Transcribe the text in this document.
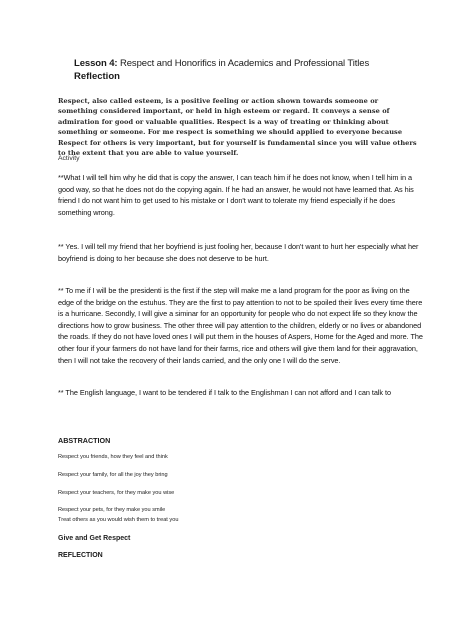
Lesson 4: Respect and Honorifics in Academics and Professional Titles
Reflection
Respect, also called esteem, is a positive feeling or action shown towards someone or something considered important, or held in high esteem or regard. It conveys a sense of admiration for good or valuable qualities. Respect is a way of treating or thinking about something or someone. For me respect is something we should applied to everyone because Respect for others is very important, but for yourself is fundamental since you will value others to the extent that you are able to value yourself.
Activity
**What I will tell him why he did that is copy the answer, I can teach him if he does not know, when I tell him in a good way, so that he does not do the copying again. If he had an answer, he would not have learned that. As his friend I do not want him to get used to his mistake or I don't want to tolerate my friend especially if he does something wrong.
** Yes. I will tell my friend that her boyfriend is just fooling her, because I don't want to hurt her especially what her boyfriend is doing to her because she does not deserve to be hurt.
** To me if I will be the presidenti is the first if the step will make me a land program for the poor as living on the edge of the bridge on the estuhus. They are the first to pay attention to not to be spoiled their lives every time there is a hurricane. Secondly, I will give a siminar for an opportunity for people who do not expect life so they know the directions how to grow business. The other three will pay attention to the children, elderly or no lives or abandoned the roads. If they do not have loved ones I will put them in the houses of Aspers, Home for the Aged and more. The other four if your farmers do not have land for their farms, rice and others will give them land for their aggravation, then I will not take the recovery of their lands carried, and the only one I will do the serve.
** The English language, I want to be tendered if I talk to the Englishman I can not afford and I can talk to
ABSTRACTION
Respect you friends, how they feel and think
Respect your family, for all the joy they bring
Respect your teachers, for they make you wise
Respect your pets, for they make you smile
Treat others as you would wish them to treat you
Give and Get Respect
REFLECTION
